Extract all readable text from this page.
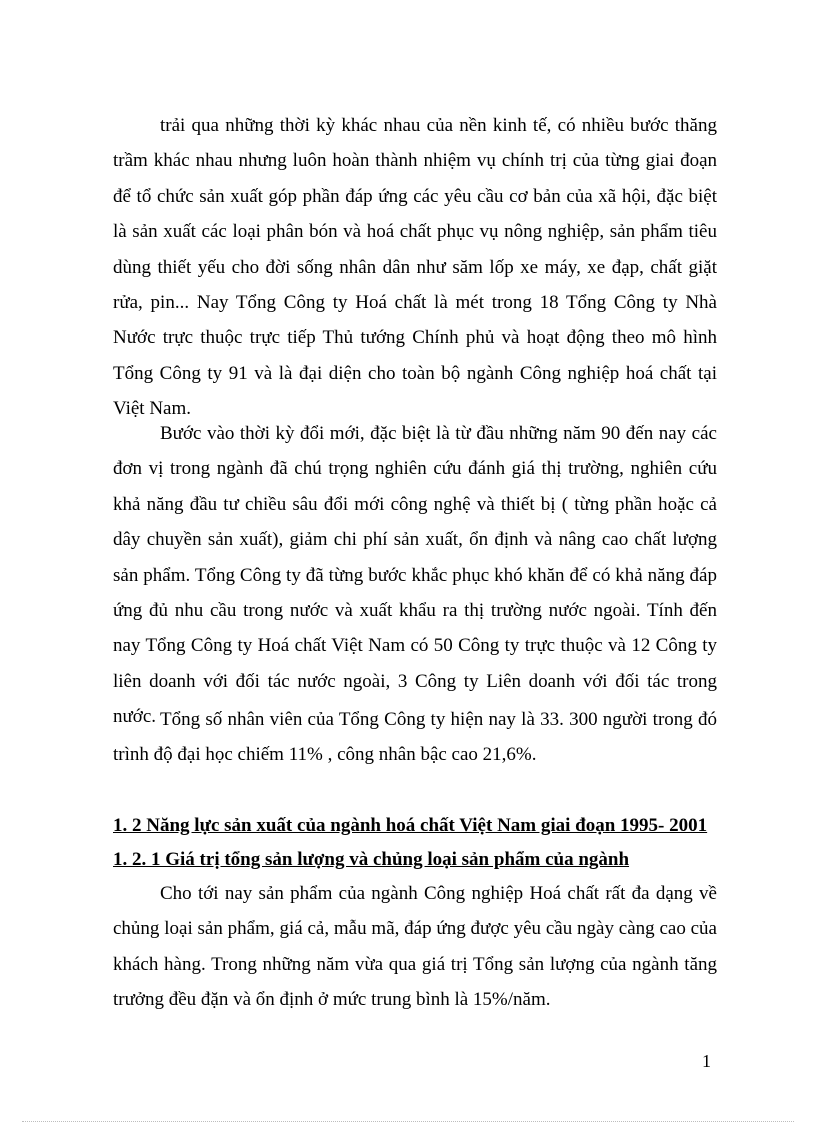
trải qua những thời kỳ khác nhau của nền kinh tế, có nhiều bước thăng trầm khác nhau nhưng luôn hoàn thành nhiệm vụ chính trị của từng giai đoạn để tổ chức sản xuất góp phần đáp ứng các yêu cầu cơ bản của xã hội, đặc biệt là sản xuất các loại phân bón và hoá chất phục vụ nông nghiệp, sản phẩm tiêu dùng thiết yếu cho đời sống nhân dân như săm lốp xe máy, xe đạp, chất giặt rửa, pin... Nay Tổng Công ty Hoá chất là mét trong 18 Tổng Công ty Nhà Nước trực thuộc trực tiếp Thủ tướng Chính phủ và hoạt động theo mô hình Tổng Công ty 91 và là đại diện cho toàn bộ ngành Công nghiệp hoá chất tại Việt Nam.

Bước vào thời kỳ đổi mới, đặc biệt là từ đầu những năm 90 đến nay các đơn vị trong ngành đã chú trọng nghiên cứu đánh giá thị trường, nghiên cứu khả năng đầu tư chiều sâu đổi mới công nghệ và thiết bị ( từng phần hoặc cả dây chuyền sản xuất), giảm chi phí sản xuất, ổn định và nâng cao chất lượng sản phẩm. Tổng Công ty đã từng bước khắc phục khó khăn để có khả năng đáp ứng đủ nhu cầu trong nước và xuất khẩu ra thị trường nước ngoài. Tính đến nay Tổng Công ty Hoá chất Việt Nam có 50 Công ty trực thuộc và 12 Công ty liên doanh với đối tác nước ngoài, 3 Công ty Liên doanh với đối tác trong nước. Tổng số nhân viên của Tổng Công ty hiện nay là 33. 300 người trong đó trình độ đại học chiếm 11% , công nhân bậc cao 21,6%.

1. 2 Năng lực sản xuất của ngành hoá chất Việt Nam giai đoạn 1995- 2001
1. 2. 1 Giá trị tổng sản lượng và chủng loại sản phẩm của ngành

Cho tới nay sản phẩm của ngành Công nghiệp Hoá chất rất đa dạng về chủng loại sản phẩm, giá cả, mẫu mã, đáp ứng được yêu cầu ngày càng cao của khách hàng. Trong những năm vừa qua giá trị Tổng sản lượng của ngành tăng trưởng đều đặn và ổn định ở mức trung bình là 15%/năm.

1
